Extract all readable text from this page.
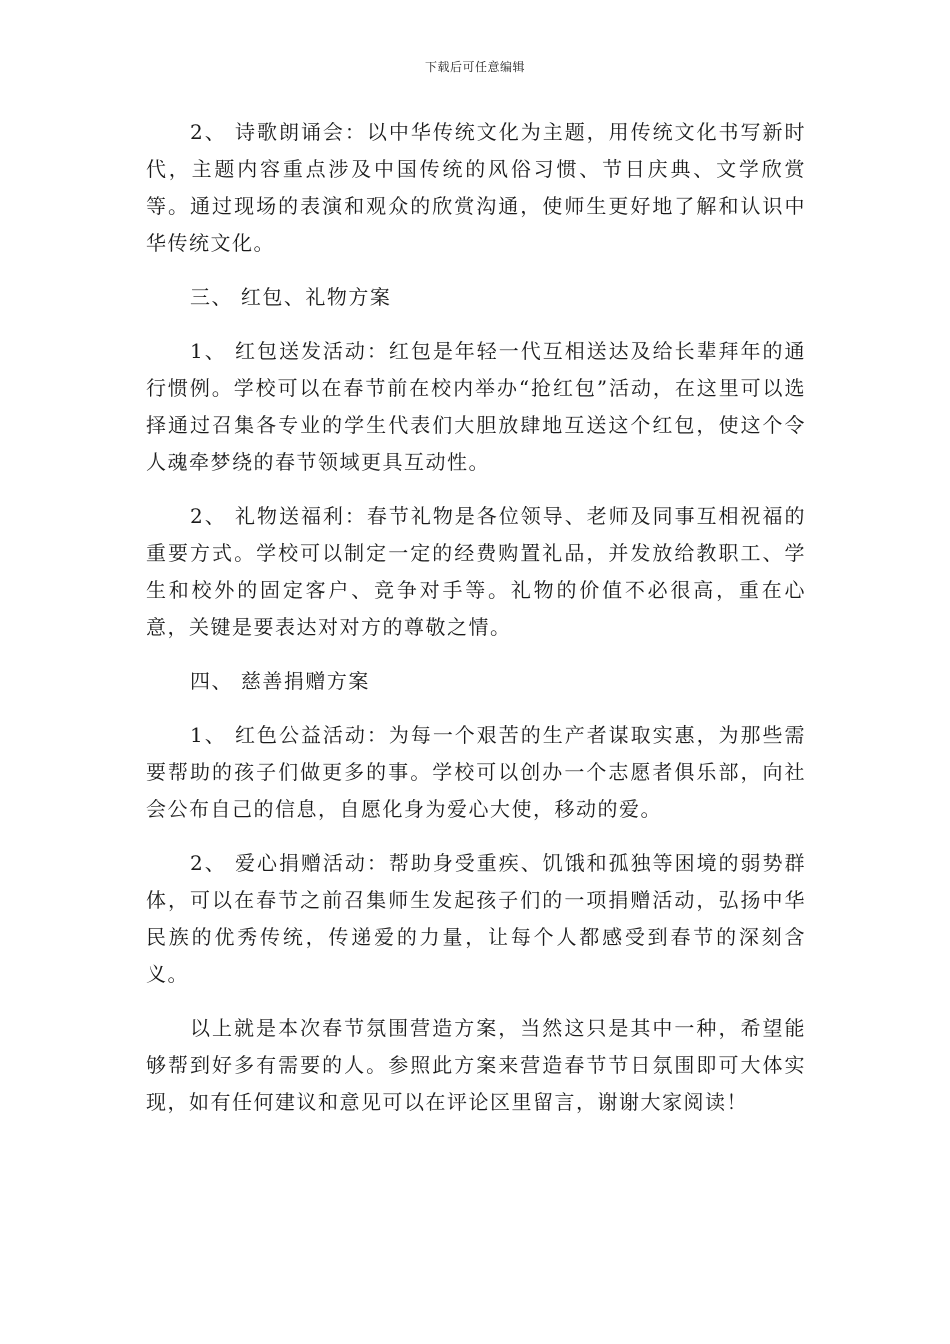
下载后可任意编辑

2、 诗歌朗诵会：以中华传统文化为主题，用传统文化书写新时代，主题内容重点涉及中国传统的风俗习惯、节日庆典、文学欣赏等。通过现场的表演和观众的欣赏沟通，使师生更好地了解和认识中华传统文化。

三、 红包、礼物方案

1、 红包送发活动：红包是年轻一代互相送达及给长辈拜年的通行惯例。学校可以在春节前在校内举办“抢红包”活动，在这里可以选择通过召集各专业的学生代表们大胆放肆地互送这个红包，使这个令人魂牵梦绕的春节领域更具互动性。

2、 礼物送福利：春节礼物是各位领导、老师及同事互相祝福的重要方式。学校可以制定一定的经费购置礼品，并发放给教职工、学生和校外的固定客户、竞争对手等。礼物的价值不必很高，重在心意，关键是要表达对对方的尊敬之情。

四、 慈善捐赠方案

1、 红色公益活动：为每一个艰苦的生产者谋取实惠，为那些需要帮助的孩子们做更多的事。学校可以创办一个志愿者俱乐部，向社会公布自己的信息，自愿化身为爱心大使，移动的爱。

2、 爱心捐赠活动：帮助身受重疾、饥饿和孤独等困境的弱势群体，可以在春节之前召集师生发起孩子们的一项捐赠活动，弘扬中华民族的优秀传统，传递爱的力量，让每个人都感受到春节的深刻含义。

以上就是本次春节氛围营造方案，当然这只是其中一种，希望能够帮到好多有需要的人。参照此方案来营造春节节日氛围即可大体实现，如有任何建议和意见可以在评论区里留言，谢谢大家阅读！
